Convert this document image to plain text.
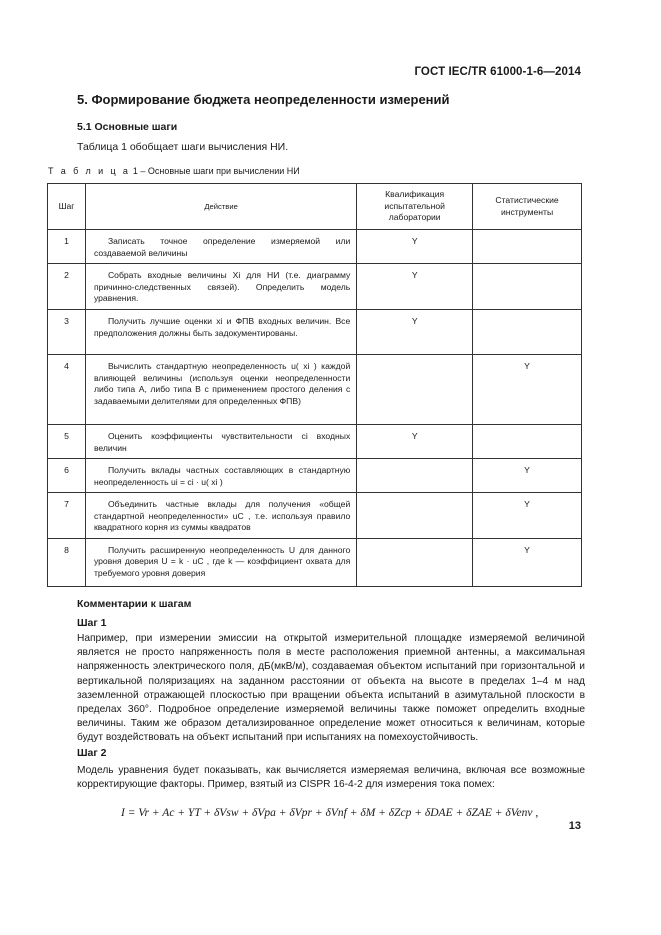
ГОСТ IEC/TR 61000-1-6—2014
5. Формирование бюджета неопределенности измерений
5.1 Основные шаги
Таблица 1 обобщает шаги вычисления НИ.
Т а б л и ц а 1 – Основные шаги при вычислении НИ
Шаг	Действие	Квалификация испытательной лаборатории	Статистические инструменты
1	Записать точное определение измеряемой или создаваемой величины	Y	
2	Собрать входные величины Xi для НИ (т.е. диаграмму причинно-следственных связей). Определить модель уравнения.	Y	
3	Получить лучшие оценки xi и ФПВ входных величин. Все предположения должны быть задокументированы.	Y	
4	Вычислить стандартную неопределенность u( xi ) каждой влияющей величины (используя оценки неопределенности либо типа А, либо типа В с применением простого деления с задаваемыми делителями для определенных ФПВ)		Y
5	Оценить коэффициенты чувствительности ci входных величин	Y	
6	Получить вклады частных составляющих в стандартную неопределенность ui = ci · u( xi )		Y
7	Объединить частные вклады для получения «общей стандартной неопределенности» uC , т.е. используя правило квадратного корня из суммы квадратов		Y
8	Получить расширенную неопределенность U для данного уровня доверия U = k · uC , где k — коэффициент охвата для требуемого уровня доверия		Y
Комментарии к шагам
Шаг 1
Например, при измерении эмиссии на открытой измерительной площадке измеряемой величиной является не просто напряженность поля в месте расположения приемной антенны, а максимальная напряженность электрического поля, дБ(мкВ/м), создаваемая объектом испытаний при горизонтальной и вертикальной поляризациях на заданном расстоянии от объекта на высоте в пределах 1–4 м над заземленной отражающей плоскостью при вращении объекта испытаний в азимутальной плоскости в пределах 360°. Подробное определение измеряемой величины также поможет определить входные величины. Таким же образом детализированное определение может относиться к величинам, которые будут воздействовать на объект испытаний при испытаниях на помехоустойчивость.
Шаг 2
Модель уравнения будет показывать, как вычисляется измеряемая величина, включая все возможные корректирующие факторы. Пример, взятый из CISPR 16-4-2 для измерения тока помех:
I = Vr + Ac + YT + δVsw + δVpa + δVpr + δVnf + δM + δZcp + δDAE + δZAE + δVenv ,
13
